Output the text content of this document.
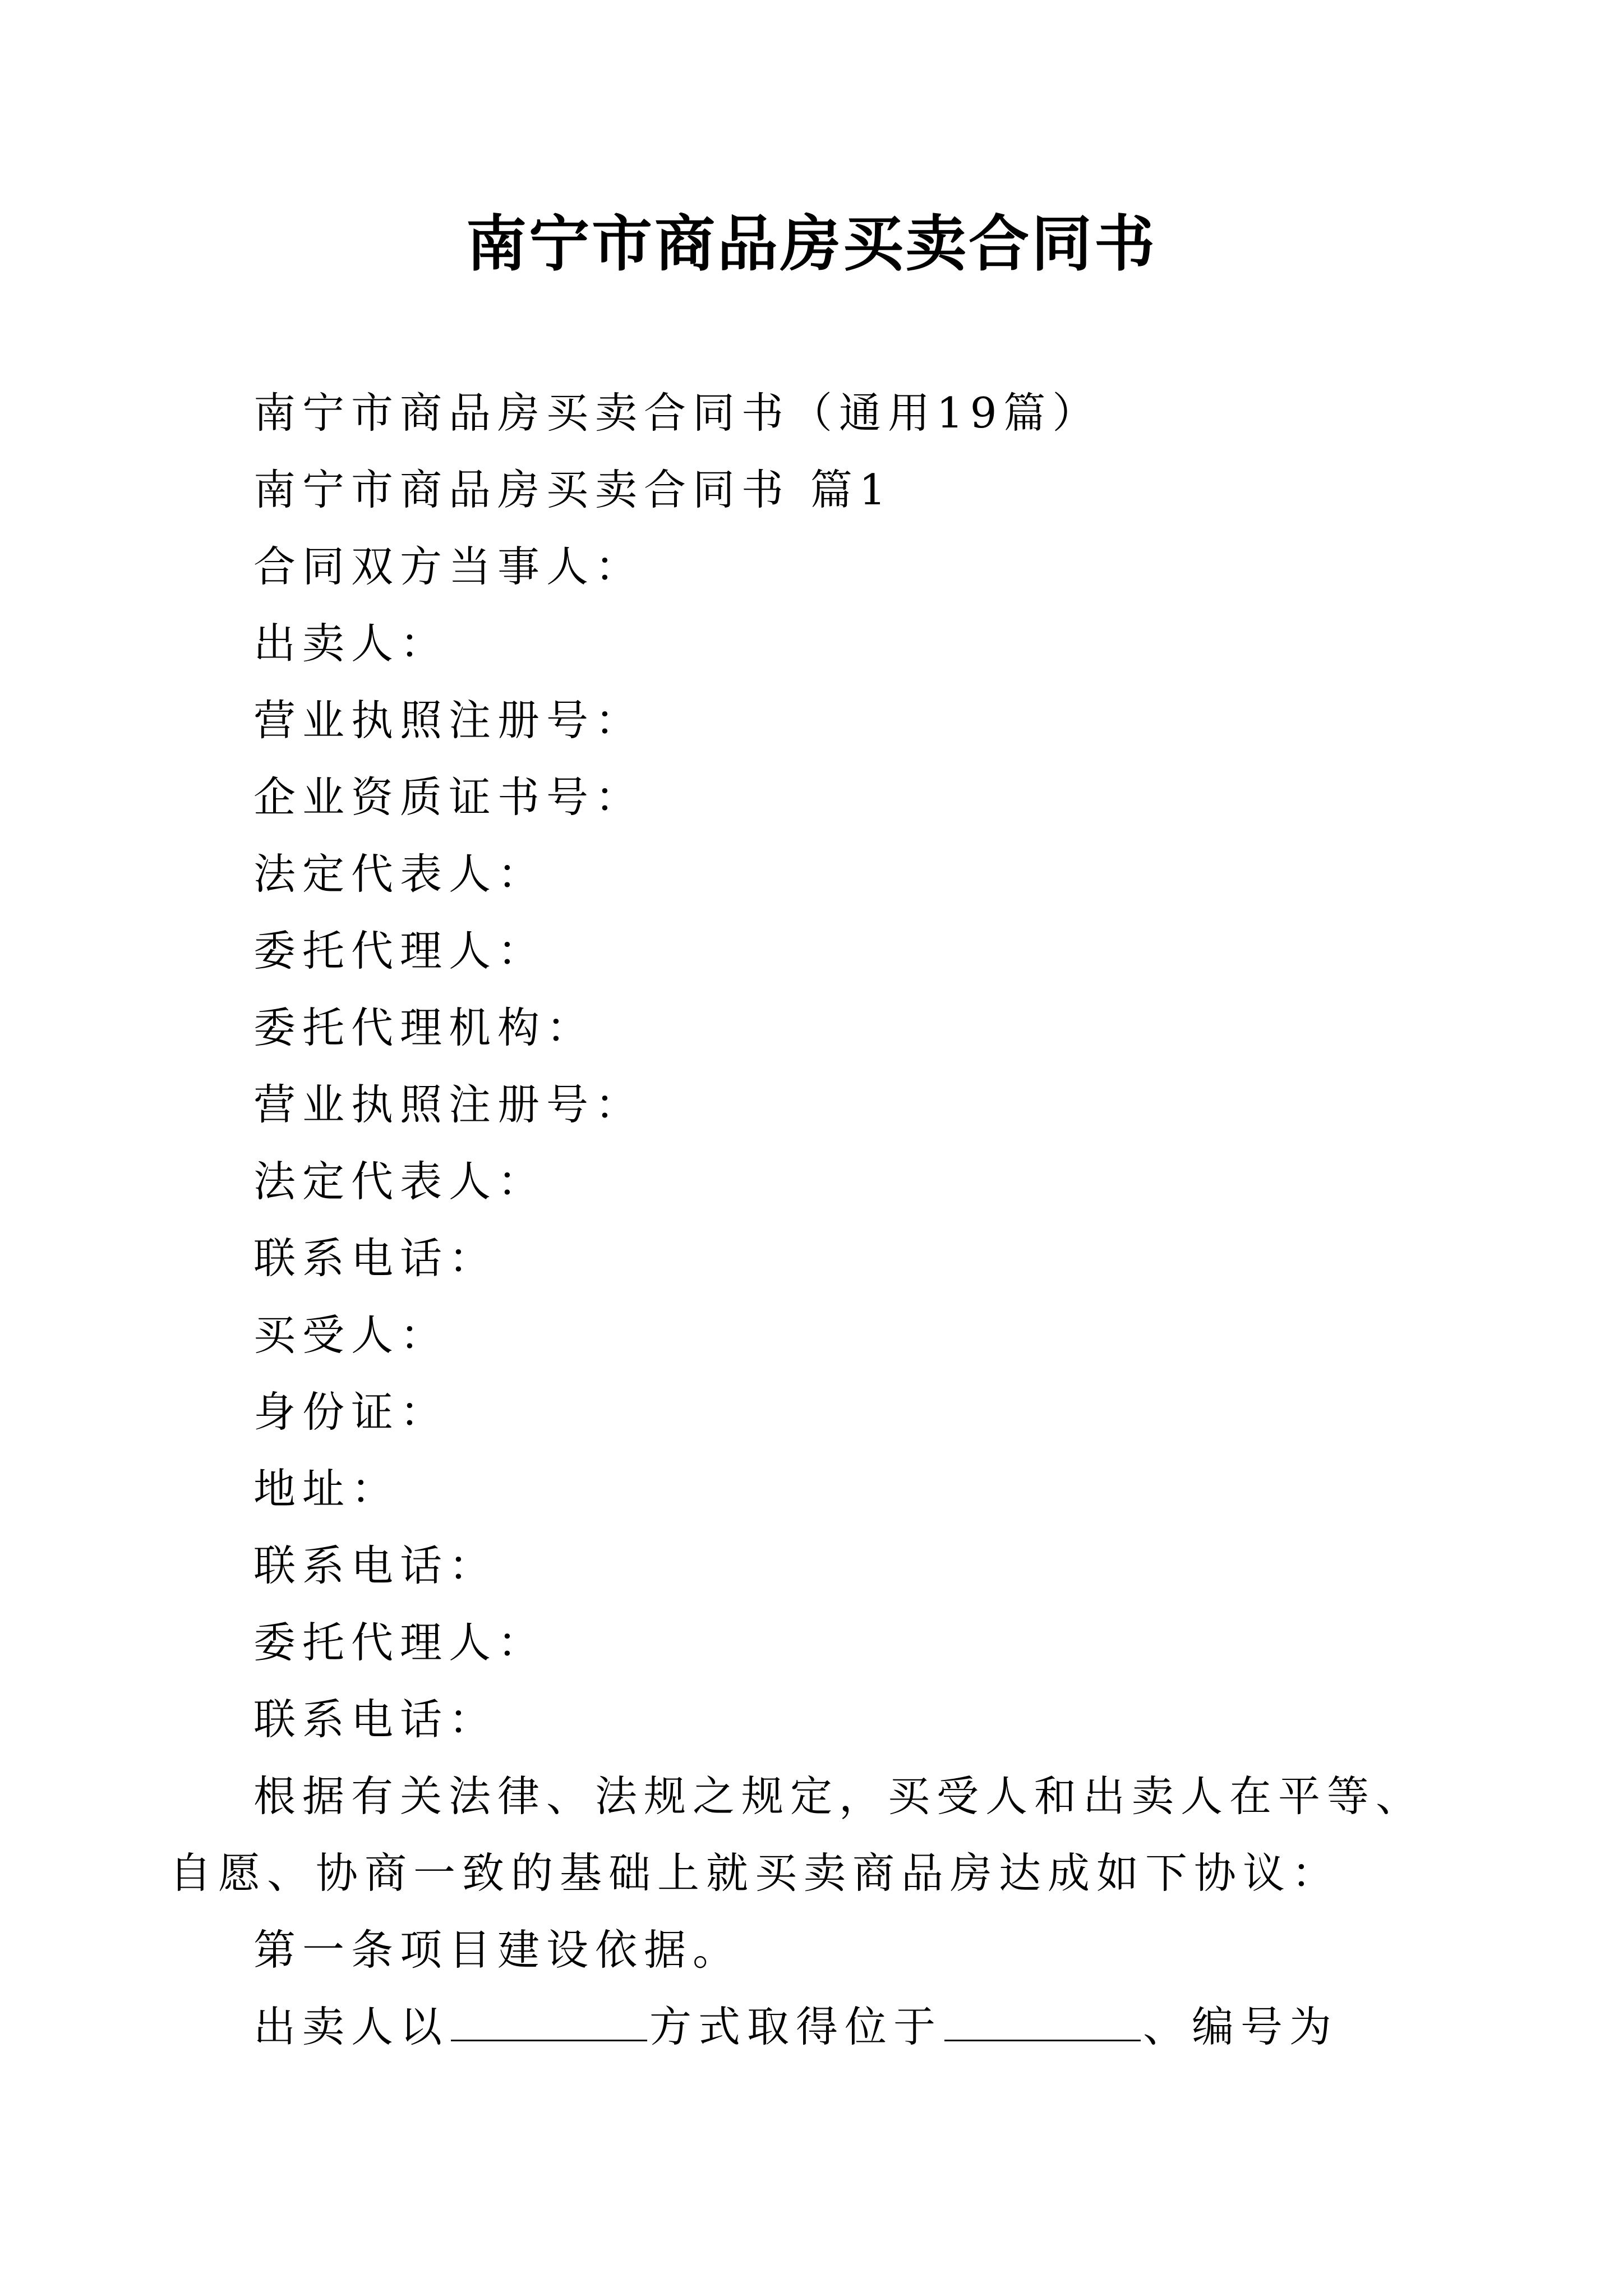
南宁市商品房买卖合同书
南宁市商品房买卖合同书（通用19篇）
南宁市商品房买卖合同书 篇1
合同双方当事人：
出卖人：
营业执照注册号：
企业资质证书号：
法定代表人：
委托代理人：
委托代理机构：
营业执照注册号：
法定代表人：
联系电话：
买受人：
身份证：
地址：
联系电话：
委托代理人：
联系电话：
根据有关法律、法规之规定，买受人和出卖人在平等、
自愿、协商一致的基础上就买卖商品房达成如下协议：
第一条项目建设依据。
出卖人以	方式取得位于	、编号为
